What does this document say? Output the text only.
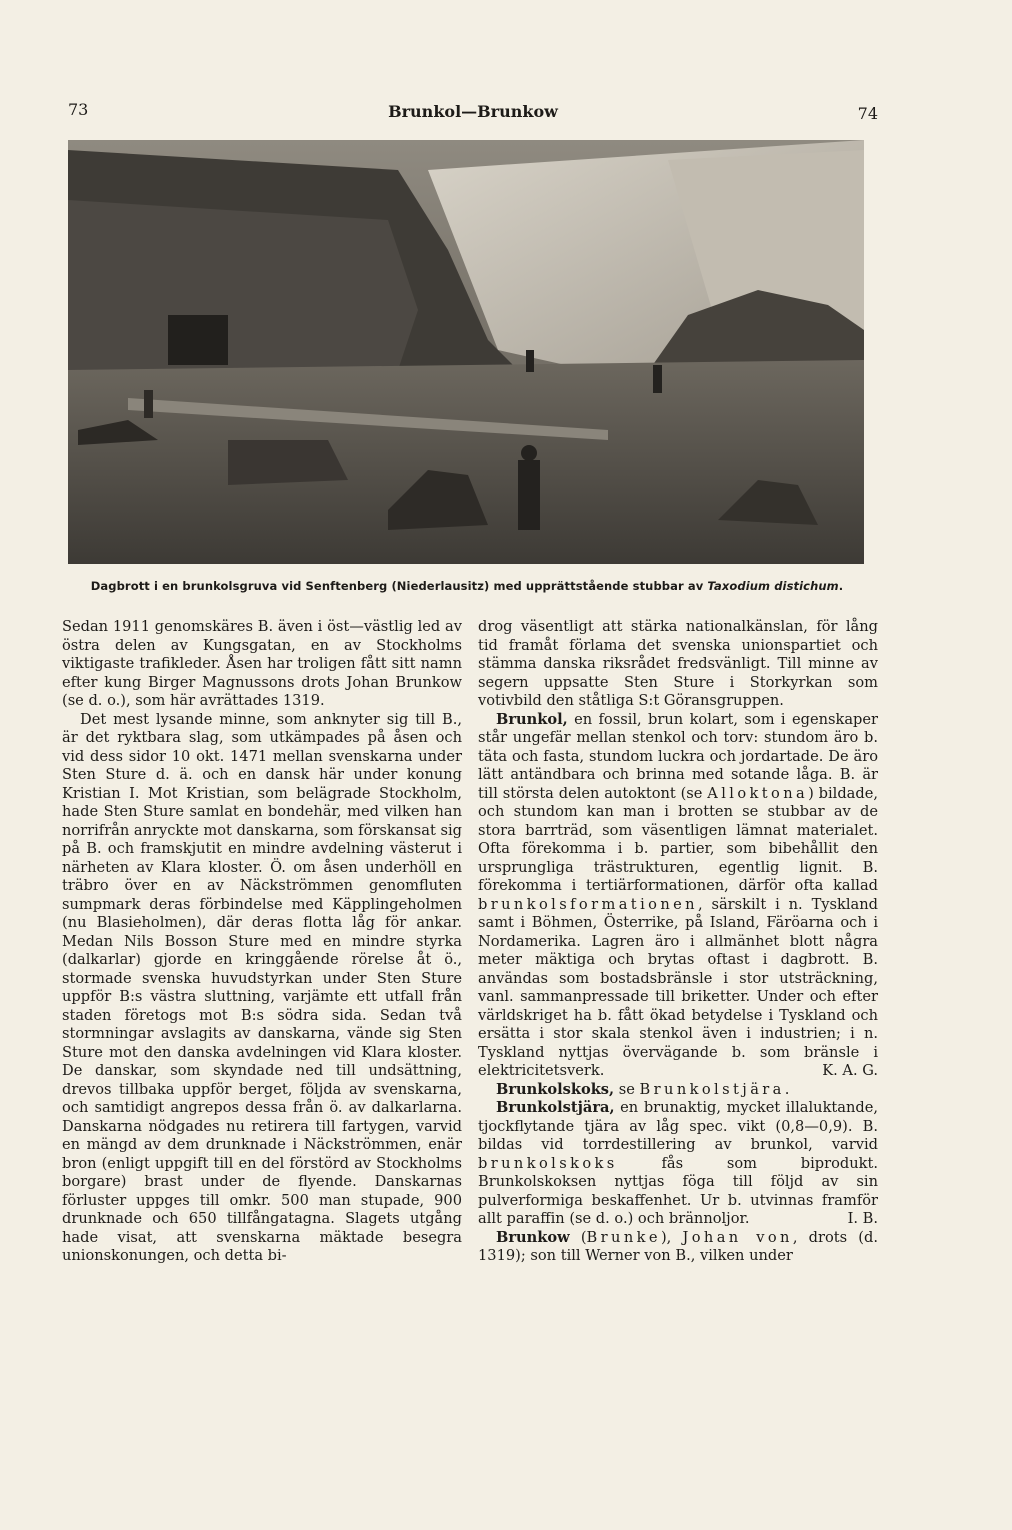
73	Brunkol—Brunkow	74
Dagbrott i en brunkolsgruva vid Senftenberg (Niederlausitz) med upprättstående stubbar av Taxodium distichum.

Sedan 1911 genomskäres B. även i öst—västlig led av östra delen av Kungsgatan, en av Stockholms viktigaste trafikleder. Åsen har troligen fått sitt namn efter kung Birger Magnussons drots Johan Brunkow (se d. o.), som här avrättades 1319.

Det mest lysande minne, som anknyter sig till B., är det ryktbara slag, som utkämpades på åsen och vid dess sidor 10 okt. 1471 mellan svenskarna under Sten Sture d. ä. och en dansk här under konung Kristian I. Mot Kristian, som belägrade Stockholm, hade Sten Sture samlat en bondehär, med vilken han norrifrån anryckte mot danskarna, som förskansat sig på B. och framskjutit en mindre avdelning västerut i närheten av Klara kloster. Ö. om åsen underhöll en träbro över en av Näckströmmen genomfluten sumpmark deras förbindelse med Käpplingeholmen (nu Blasieholmen), där deras flotta låg för ankar. Medan Nils Bosson Sture med en mindre styrka (dalkarlar) gjorde en kringgående rörelse åt ö., stormade svenska huvudstyrkan under Sten Sture uppför B:s västra sluttning, varjämte ett utfall från staden företogs mot B:s södra sida. Sedan två stormningar avslagits av danskarna, vände sig Sten Sture mot den danska avdelningen vid Klara kloster. De danskar, som skyndade ned till undsättning, drevos tillbaka uppför berget, följda av svenskarna, och samtidigt angrepos dessa från ö. av dalkarlarna. Danskarna nödgades nu retirera till fartygen, varvid en mängd av dem drunknade i Näckströmmen, enär bron (enligt uppgift till en del förstörd av Stockholms borgare) brast under de flyende. Danskarnas förluster uppges till omkr. 500 man stupade, 900 drunknade och 650 tillfångatagna. Slagets utgång hade visat, att svenskarna mäktade besegra unionskonungen, och detta bi-

drog väsentligt att stärka nationalkänslan, för lång tid framåt förlama det svenska unionspartiet och stämma danska riksrådet fredsvänligt. Till minne av segern uppsatte Sten Sture i Storkyrkan som votivbild den ståtliga S:t Göransgruppen.

Brunkol, en fossil, brun kolart, som i egenskaper står ungefär mellan stenkol och torv: stundom äro b. täta och fasta, stundom luckra och jordartade. De äro lätt antändbara och brinna med sotande låga. B. är till största delen autoktont (se Alloktona) bildade, och stundom kan man i brotten se stubbar av de stora barrträd, som väsentligen lämnat materialet. Ofta förekomma i b. partier, som bibehållit den ursprungliga trästrukturen, egentlig lignit. B. förekomma i tertiärformationen, därför ofta kallad brunkolsformationen, särskilt i n. Tyskland samt i Böhmen, Österrike, på Island, Färöarna och i Nordamerika. Lagren äro i allmänhet blott några meter mäktiga och brytas oftast i dagbrott. B. användas som bostadsbränsle i stor utsträckning, vanl. sammanpressade till briketter. Under och efter världskriget ha b. fått ökad betydelse i Tyskland och ersätta i stor skala stenkol även i industrien; i n. Tyskland nyttjas övervägande b. som bränsle i elektricitetsverk.	K. A. G.

Brunkolskoks, se Brunkolstjära.

Brunkolstjära, en brunaktig, mycket illaluktande, tjockflytande tjära av låg spec. vikt (0,8—0,9). B. bildas vid torrdestillering av brunkol, varvid brunkolskoks fås som biprodukt. Brunkolskoksen nyttjas föga till följd av sin pulverformiga beskaffenhet. Ur b. utvinnas framför allt paraffin (se d. o.) och brännoljor.	I. B.

Brunkow (Brunke), Johan von, drots (d. 1319); son till Werner von B., vilken under
